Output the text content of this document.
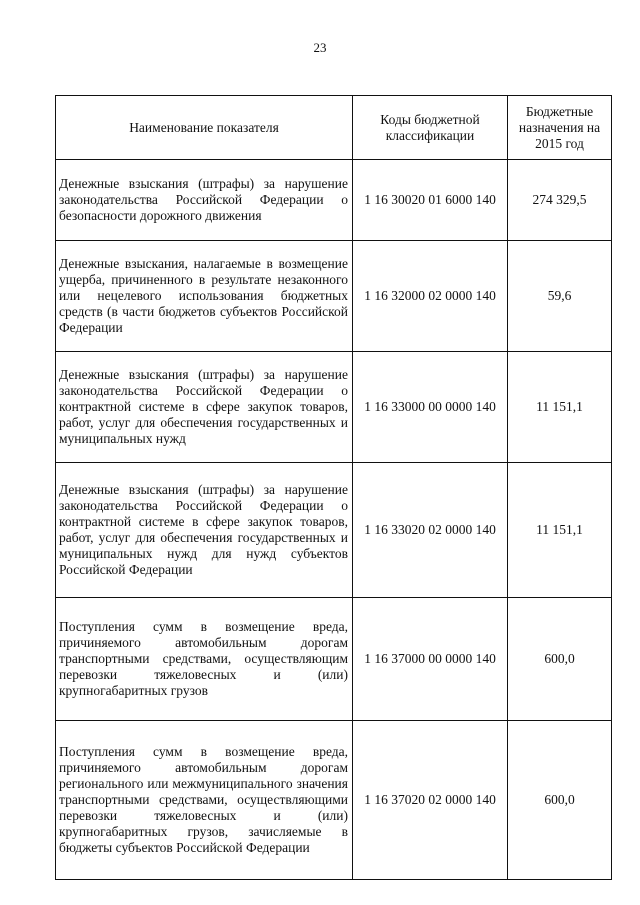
23
Наименование показателя	Коды бюджетной классификации	Бюджетные назначения на 2015 год
Денежные взыскания (штрафы) за нарушение законодательства Российской Федерации о безопасности дорожного движения	1 16 30020 01 6000 140	274 329,5
Денежные взыскания, налагаемые в возмещение ущерба, причиненного в результате незаконного или нецелевого использования бюджетных средств (в части бюджетов субъектов Российской Федерации	1 16 32000 02 0000 140	59,6
Денежные взыскания (штрафы) за нарушение законодательства Российской Федерации о контрактной системе в сфере закупок товаров, работ, услуг для обеспечения государственных и муниципальных нужд	1 16 33000 00 0000 140	11 151,1
Денежные взыскания (штрафы) за нарушение законодательства Российской Федерации о контрактной системе в сфере закупок товаров, работ, услуг для обеспечения государственных и муниципальных нужд для нужд субъектов Российской Федерации	1 16 33020 02 0000 140	11 151,1
Поступления сумм в возмещение вреда, причиняемого автомобильным дорогам транспортными средствами, осуществляющим перевозки тяжеловесных и (или) крупногабаритных грузов	1 16 37000 00 0000 140	600,0
Поступления сумм в возмещение вреда, причиняемого автомобильным дорогам регионального или межмуниципального значения транспортными средствами, осуществляющими перевозки тяжеловесных и (или) крупногабаритных грузов, зачисляемые в бюджеты субъектов Российской Федерации	1 16 37020 02 0000 140	600,0
